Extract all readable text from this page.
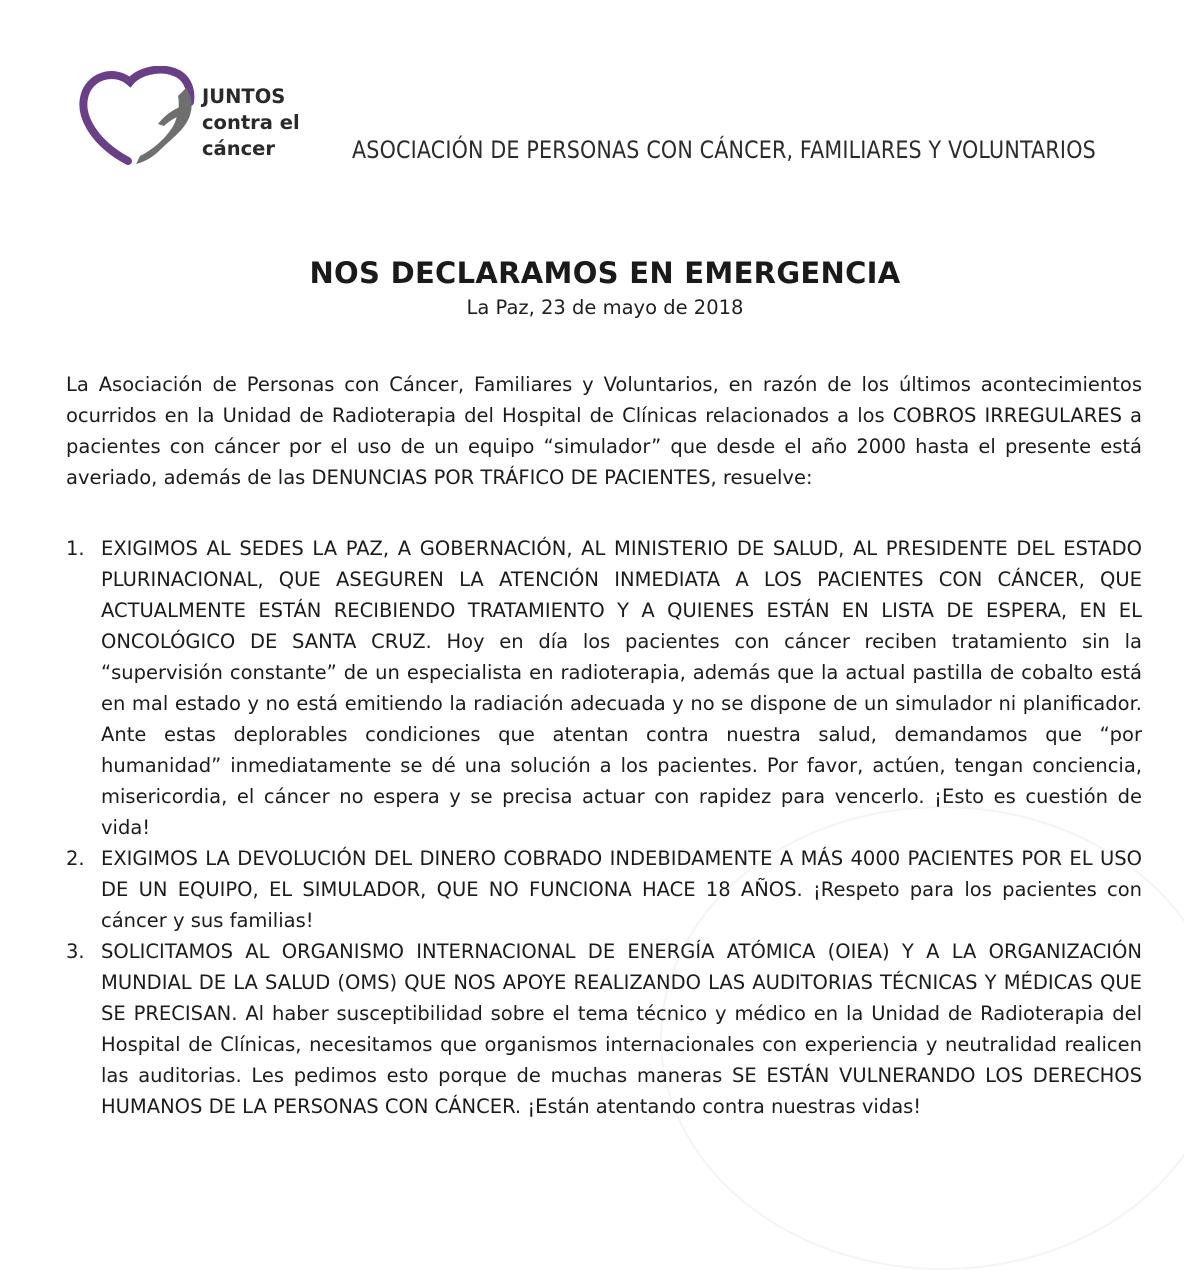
JUNTOS
contra el
cáncer	ASOCIACIÓN DE PERSONAS CON CÁNCER, FAMILIARES Y VOLUNTARIOS
NOS DECLARAMOS EN EMERGENCIA
La Paz, 23 de mayo de 2018

La Asociación de Personas con Cáncer, Familiares y Voluntarios, en razón de los últimos acontecimientos ocurridos en la Unidad de Radioterapia del Hospital de Clínicas relacionados a los COBROS IRREGULARES a pacientes con cáncer por el uso de un equipo “simulador” que desde el año 2000 hasta el presente está averiado, además de las DENUNCIAS POR TRÁFICO DE PACIENTES, resuelve:

1. EXIGIMOS AL SEDES LA PAZ, A GOBERNACIÓN, AL MINISTERIO DE SALUD, AL PRESIDENTE DEL ESTADO PLURINACIONAL, QUE ASEGUREN LA ATENCIÓN INMEDIATA A LOS PACIENTES CON CÁNCER, QUE ACTUALMENTE ESTÁN RECIBIENDO TRATAMIENTO Y A QUIENES ESTÁN EN LISTA DE ESPERA, EN EL ONCOLÓGICO DE SANTA CRUZ. Hoy en día los pacientes con cáncer reciben tratamiento sin la “supervisión constante” de un especialista en radioterapia, además que la actual pastilla de cobalto está en mal estado y no está emitiendo la radiación adecuada y no se dispone de un simulador ni planificador. Ante estas deplorables condiciones que atentan contra nuestra salud, demandamos que “por humanidad” inmediatamente se dé una solución a los pacientes. Por favor, actúen, tengan conciencia, misericordia, el cáncer no espera y se precisa actuar con rapidez para vencerlo. ¡Esto es cuestión de vida!
2. EXIGIMOS LA DEVOLUCIÓN DEL DINERO COBRADO INDEBIDAMENTE A MÁS 4000 PACIENTES POR EL USO DE UN EQUIPO, EL SIMULADOR, QUE NO FUNCIONA HACE 18 AÑOS. ¡Respeto para los pacientes con cáncer y sus familias!
3. SOLICITAMOS AL ORGANISMO INTERNACIONAL DE ENERGÍA ATÓMICA (OIEA) Y A LA ORGANIZACIÓN MUNDIAL DE LA SALUD (OMS) QUE NOS APOYE REALIZANDO LAS AUDITORIAS TÉCNICAS Y MÉDICAS QUE SE PRECISAN. Al haber susceptibilidad sobre el tema técnico y médico en la Unidad de Radioterapia del Hospital de Clínicas, necesitamos que organismos internacionales con experiencia y neutralidad realicen las auditorias. Les pedimos esto porque de muchas maneras SE ESTÁN VULNERANDO LOS DERECHOS HUMANOS DE LA PERSONAS CON CÁNCER. ¡Están atentando contra nuestras vidas!
